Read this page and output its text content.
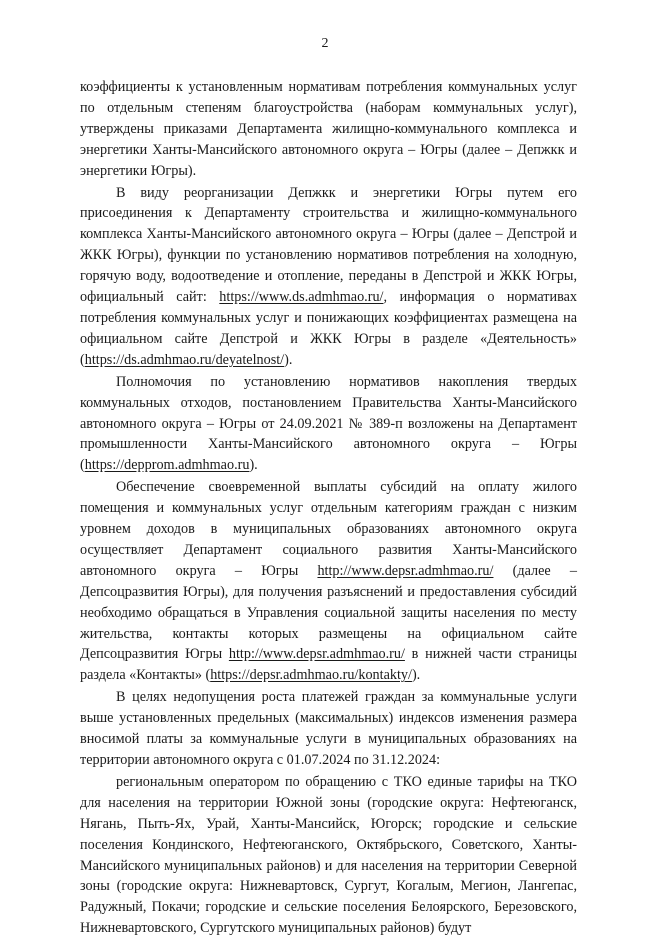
2

коэффициенты к установленным нормативам потребления коммунальных услуг по отдельным степеням благоустройства (наборам коммунальных услуг), утверждены приказами Департамента жилищно-коммунального комплекса и энергетики Ханты-Мансийского автономного округа – Югры (далее – Депжкк и энергетики Югры).

В виду реорганизации Депжкк и энергетики Югры путем его присоединения к Департаменту строительства и жилищно-коммунального комплекса Ханты-Мансийского автономного округа – Югры (далее – Депстрой и ЖКК Югры), функции по установлению нормативов потребления на холодную, горячую воду, водоотведение и отопление, переданы в Депстрой и ЖКК Югры, официальный сайт: https://www.ds.admhmao.ru/, информация о нормативах потребления коммунальных услуг и понижающих коэффициентах размещена на официальном сайте Депстрой и ЖКК Югры в разделе «Деятельность» (https://ds.admhmao.ru/deyatelnost/).

Полномочия по установлению нормативов накопления твердых коммунальных отходов, постановлением Правительства Ханты-Мансийского автономного округа – Югры от 24.09.2021 № 389-п возложены на Департамент промышленности Ханты-Мансийского автономного округа – Югры (https://depprom.admhmao.ru).

Обеспечение своевременной выплаты субсидий на оплату жилого помещения и коммунальных услуг отдельным категориям граждан с низким уровнем доходов в муниципальных образованиях автономного округа осуществляет Департамент социального развития Ханты-Мансийского автономного округа – Югры http://www.depsr.admhmao.ru/ (далее – Депсоцразвития Югры), для получения разъяснений и предоставления субсидий необходимо обращаться в Управления социальной защиты населения по месту жительства, контакты которых размещены на официальном сайте Депсоцразвития Югры http://www.depsr.admhmao.ru/ в нижней части страницы раздела «Контакты» (https://depsr.admhmao.ru/kontakty/).

В целях недопущения роста платежей граждан за коммунальные услуги выше установленных предельных (максимальных) индексов изменения размера вносимой платы за коммунальные услуги в муниципальных образованиях на территории автономного округа с 01.07.2024 по 31.12.2024:

региональным оператором по обращению с ТКО единые тарифы на ТКО для населения на территории Южной зоны (городские округа: Нефтеюганск, Нягань, Пыть-Ях, Урай, Ханты-Мансийск, Югорск; городские и сельские поселения Кондинского, Нефтеюганского, Октябрьского, Советского, Ханты-Мансийского муниципальных районов) и для населения на территории Северной зоны (городские округа: Нижневартовск, Сургут, Когалым, Мегион, Лангепас, Радужный, Покачи; городские и сельские поселения Белоярского, Березовского, Нижневартовского, Сургутского муниципальных районов) будут
